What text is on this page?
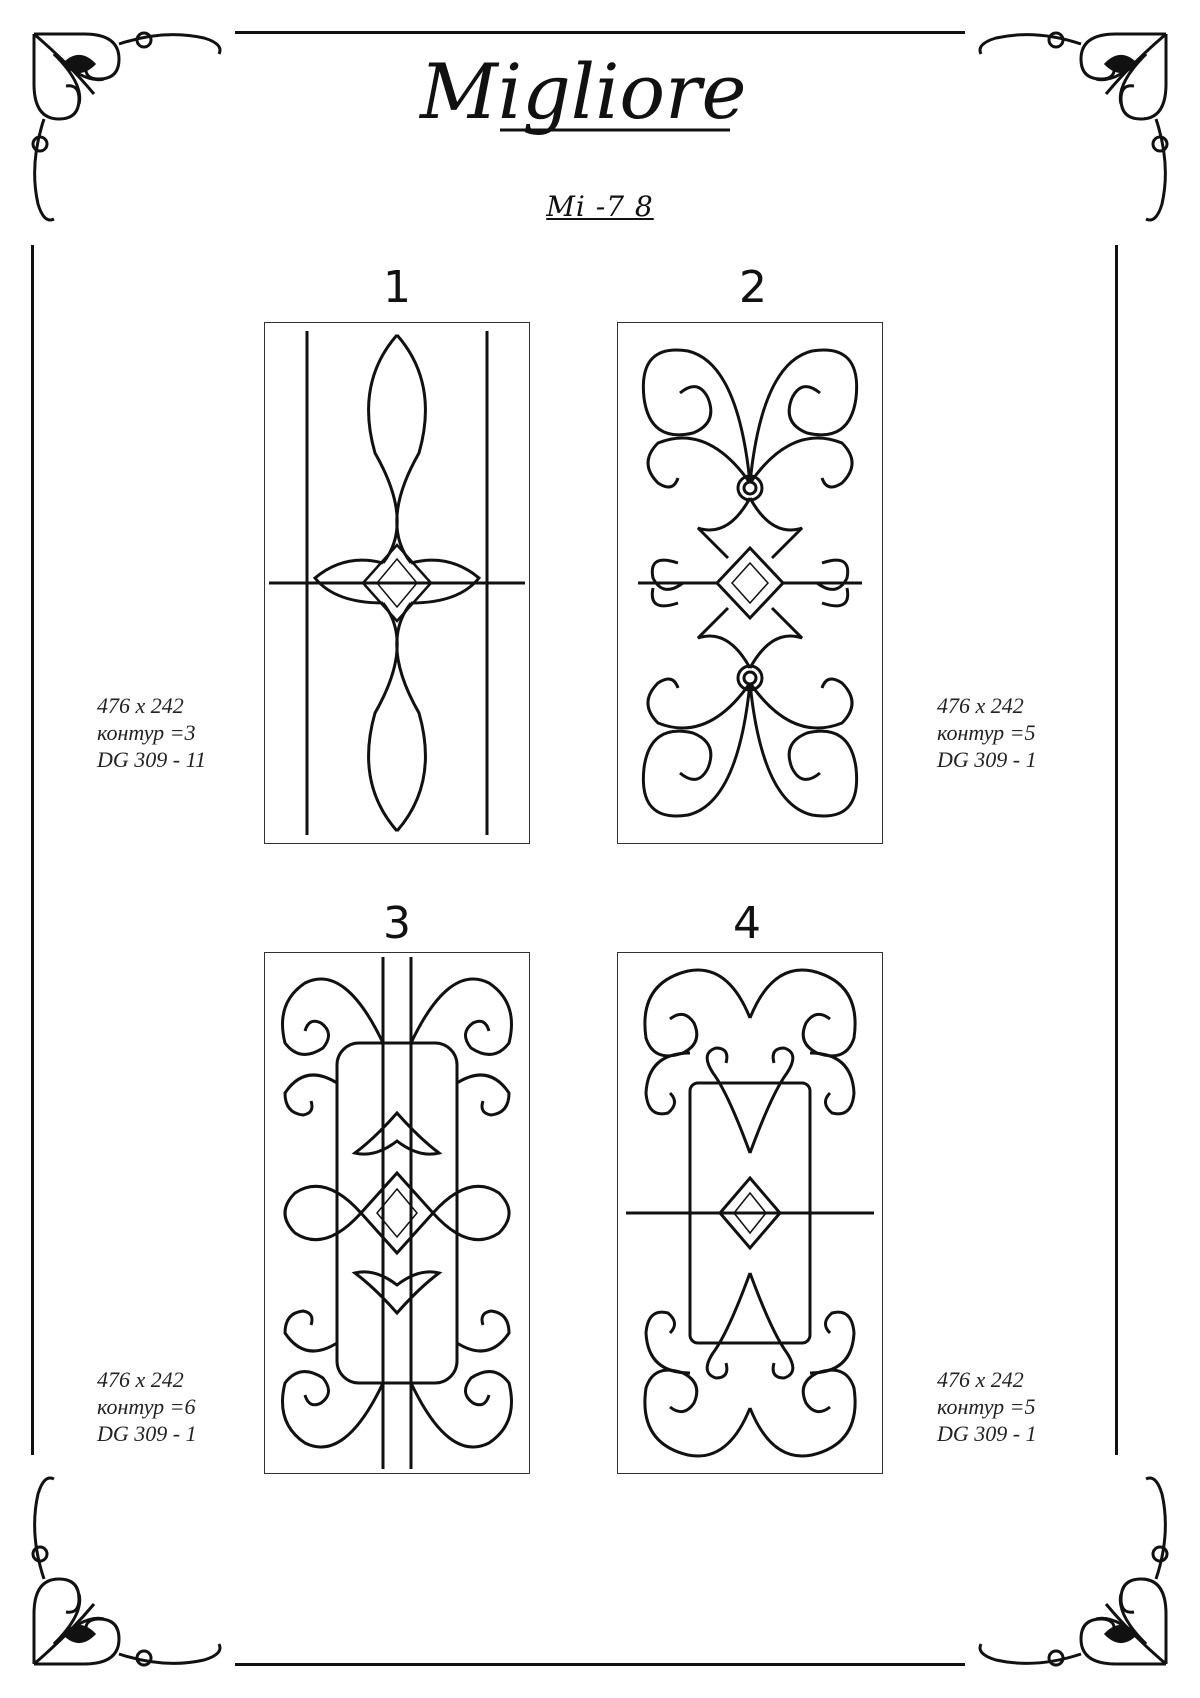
Migliore
Mi -7 8
1	2
3	4
476 x 242
контур =3
DG 309 - 11
476 x 242
контур =5
DG 309 - 1
476 x 242
контур =6
DG 309 - 1
476 x 242
контур =5
DG 309 - 1
